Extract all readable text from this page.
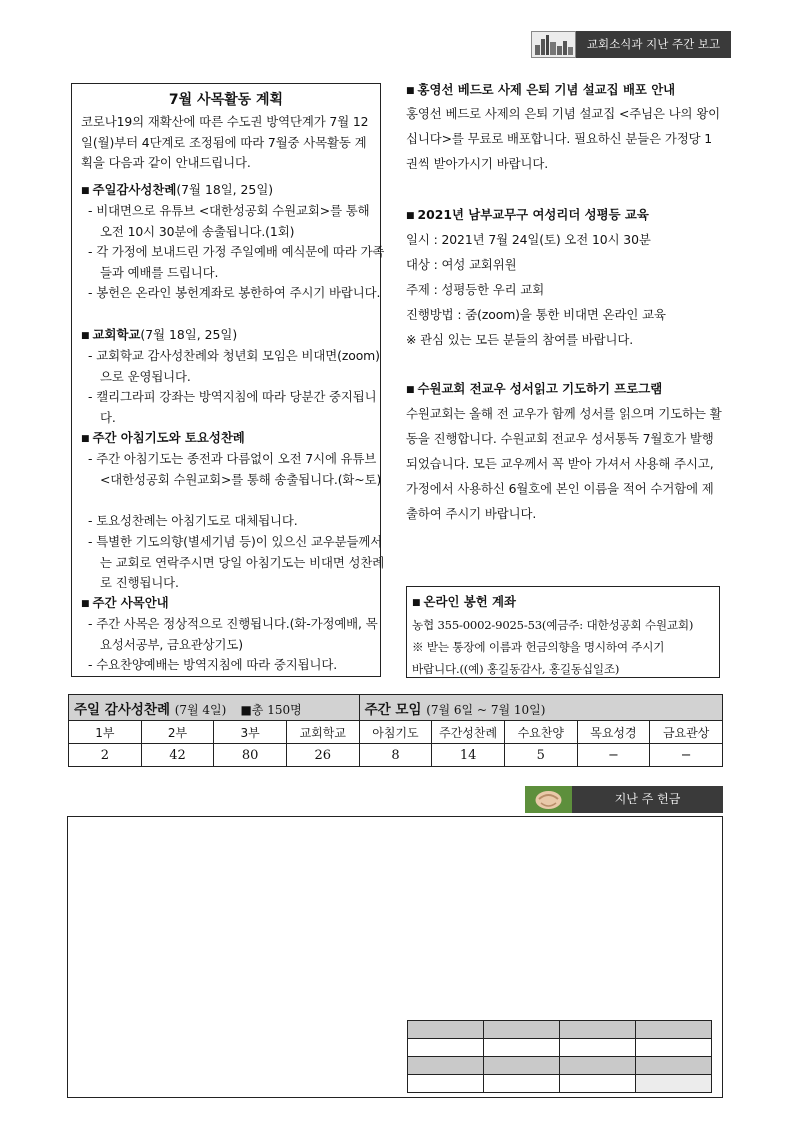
교회소식과 지난 주간 보고
7월 사목활동 계획
코로나19의 재확산에 따른 수도권 방역단계가 7월 12일(월)부터 4단계로 조정됨에 따라 7월중 사목활동 계획을 다음과 같이 안내드립니다.
■ 주일감사성찬례(7월 18일, 25일)
- 비대면으로 유튜브 <대한성공회 수원교회>를 통해 오전 10시 30분에 송출됩니다.(1회)
- 각 가정에 보내드린 가정 주일예배 예식문에 따라 가족들과 예배를 드립니다.
- 봉헌은 온라인 봉헌계좌로 봉한하여 주시기 바랍니다.
■ 교회학교(7월 18일, 25일)
- 교회학교 감사성찬례와 청년회 모임은 비대면(zoom)으로 운영됩니다.
- 캘리그라피 강좌는 방역지침에 따라 당분간 중지됩니다.
■ 주간 아침기도와 토요성찬례
- 주간 아침기도는 종전과 다름없이 오전 7시에 유튜브 <대한성공회 수원교회>를 통해 송출됩니다.(화~토)
- 토요성찬례는 아침기도로 대체됩니다.
- 특별한 기도의향(별세기념 등)이 있으신 교우분들께서는 교회로 연락주시면 당일 아침기도는 비대면 성찬례로 진행됩니다.
■ 주간 사목안내
- 주간 사목은 정상적으로 진행됩니다.(화-가정예배, 목요성서공부, 금요관상기도)
- 수요찬양예배는 방역지침에 따라 중지됩니다.
■ 홍영선 베드로 사제 은퇴 기념 설교집 배포 안내
홍영선 베드로 사제의 은퇴 기념 설교집 <주님은 나의 왕이십니다>를 무료로 배포합니다. 필요하신 분들은 가정당 1권씩 받아가시기 바랍니다.
■ 2021년 남부교무구 여성리더 성평등 교육
일시 : 2021년 7월 24일(토) 오전 10시 30분
대상 : 여성 교회위원
주제 : 성평등한 우리 교회
진행방법 : 줌(zoom)을 통한 비대면 온라인 교육
※ 관심 있는 모든 분들의 참여를 바랍니다.
■ 수원교회 전교우 성서읽고 기도하기 프로그램
수원교회는 올해 전 교우가 함께 성서를 읽으며 기도하는 활동을 진행합니다. 수원교회 전교우 성서통독 7월호가 발행되었습니다. 모든 교우께서 꼭 받아 가셔서 사용해 주시고, 가정에서 사용하신 6월호에 본인 이름을 적어 수거함에 제출하여 주시기 바랍니다.
■ 온라인 봉헌 계좌
농협 355-0002-9025-53(예금주: 대한성공회 수원교회)
※ 받는 통장에 이름과 헌금의향을 명시하여 주시기
바랍니다.((예) 홍길동감사, 홍길동십일조)
주일 감사성찬례 (7월 4일) ■총 150명				주간 모임 (7월 6일 ~ 7월 10일)				
1부	2부	3부	교회학교	아침기도	주간성찬례	수요찬양	목요성경	금요관상
2	42	80	26	8	14	5	−	−
지난 주 헌금
